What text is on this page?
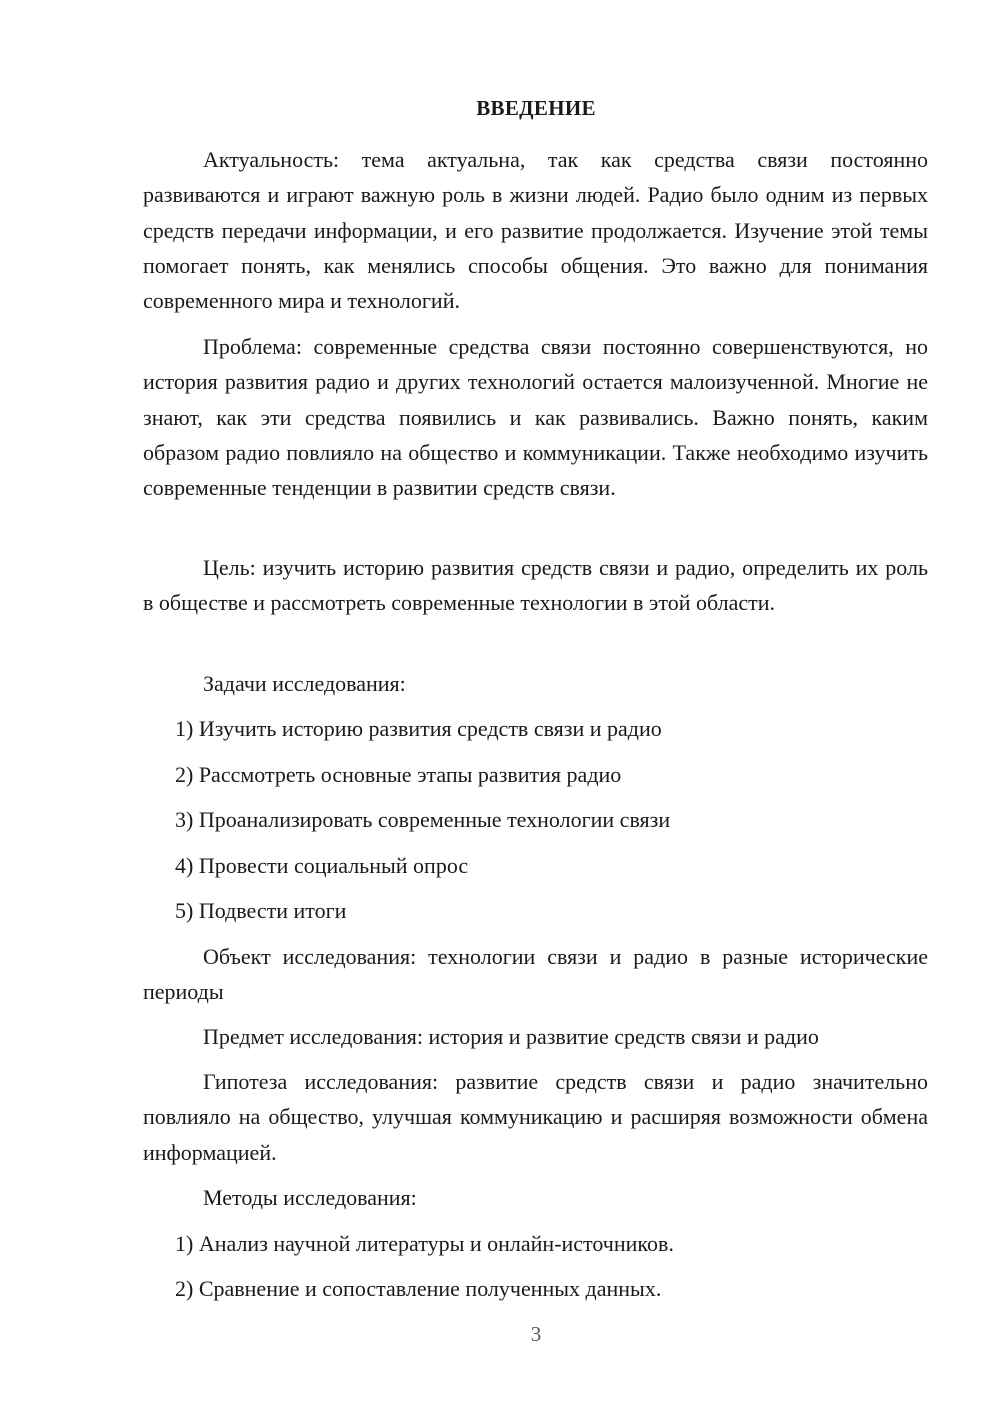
ВВЕДЕНИЕ

Актуальность: тема актуальна, так как средства связи постоянно развиваются и играют важную роль в жизни людей. Радио было одним из первых средств передачи информации, и его развитие продолжается. Изучение этой темы помогает понять, как менялись способы общения. Это важно для понимания современного мира и технологий.

Проблема: современные средства связи постоянно совершенствуются, но история развития радио и других технологий остается малоизученной. Многие не знают, как эти средства появились и как развивались. Важно понять, каким образом радио повлияло на общество и коммуникации. Также необходимо изучить современные тенденции в развитии средств связи.

Цель: изучить историю развития средств связи и радио, определить их роль в обществе и рассмотреть современные технологии в этой области.

Задачи исследования:

1) Изучить историю развития средств связи и радио

2) Рассмотреть основные этапы развития радио

3) Проанализировать современные технологии связи

4) Провести социальный опрос

5) Подвести итоги

Объект исследования: технологии связи и радио в разные исторические периоды

Предмет исследования: история и развитие средств связи и радио

Гипотеза исследования: развитие средств связи и радио значительно повлияло на общество, улучшая коммуникацию и расширяя возможности обмена информацией.

Методы исследования:

1) Анализ научной литературы и онлайн-источников.

2) Сравнение и сопоставление полученных данных.

3
